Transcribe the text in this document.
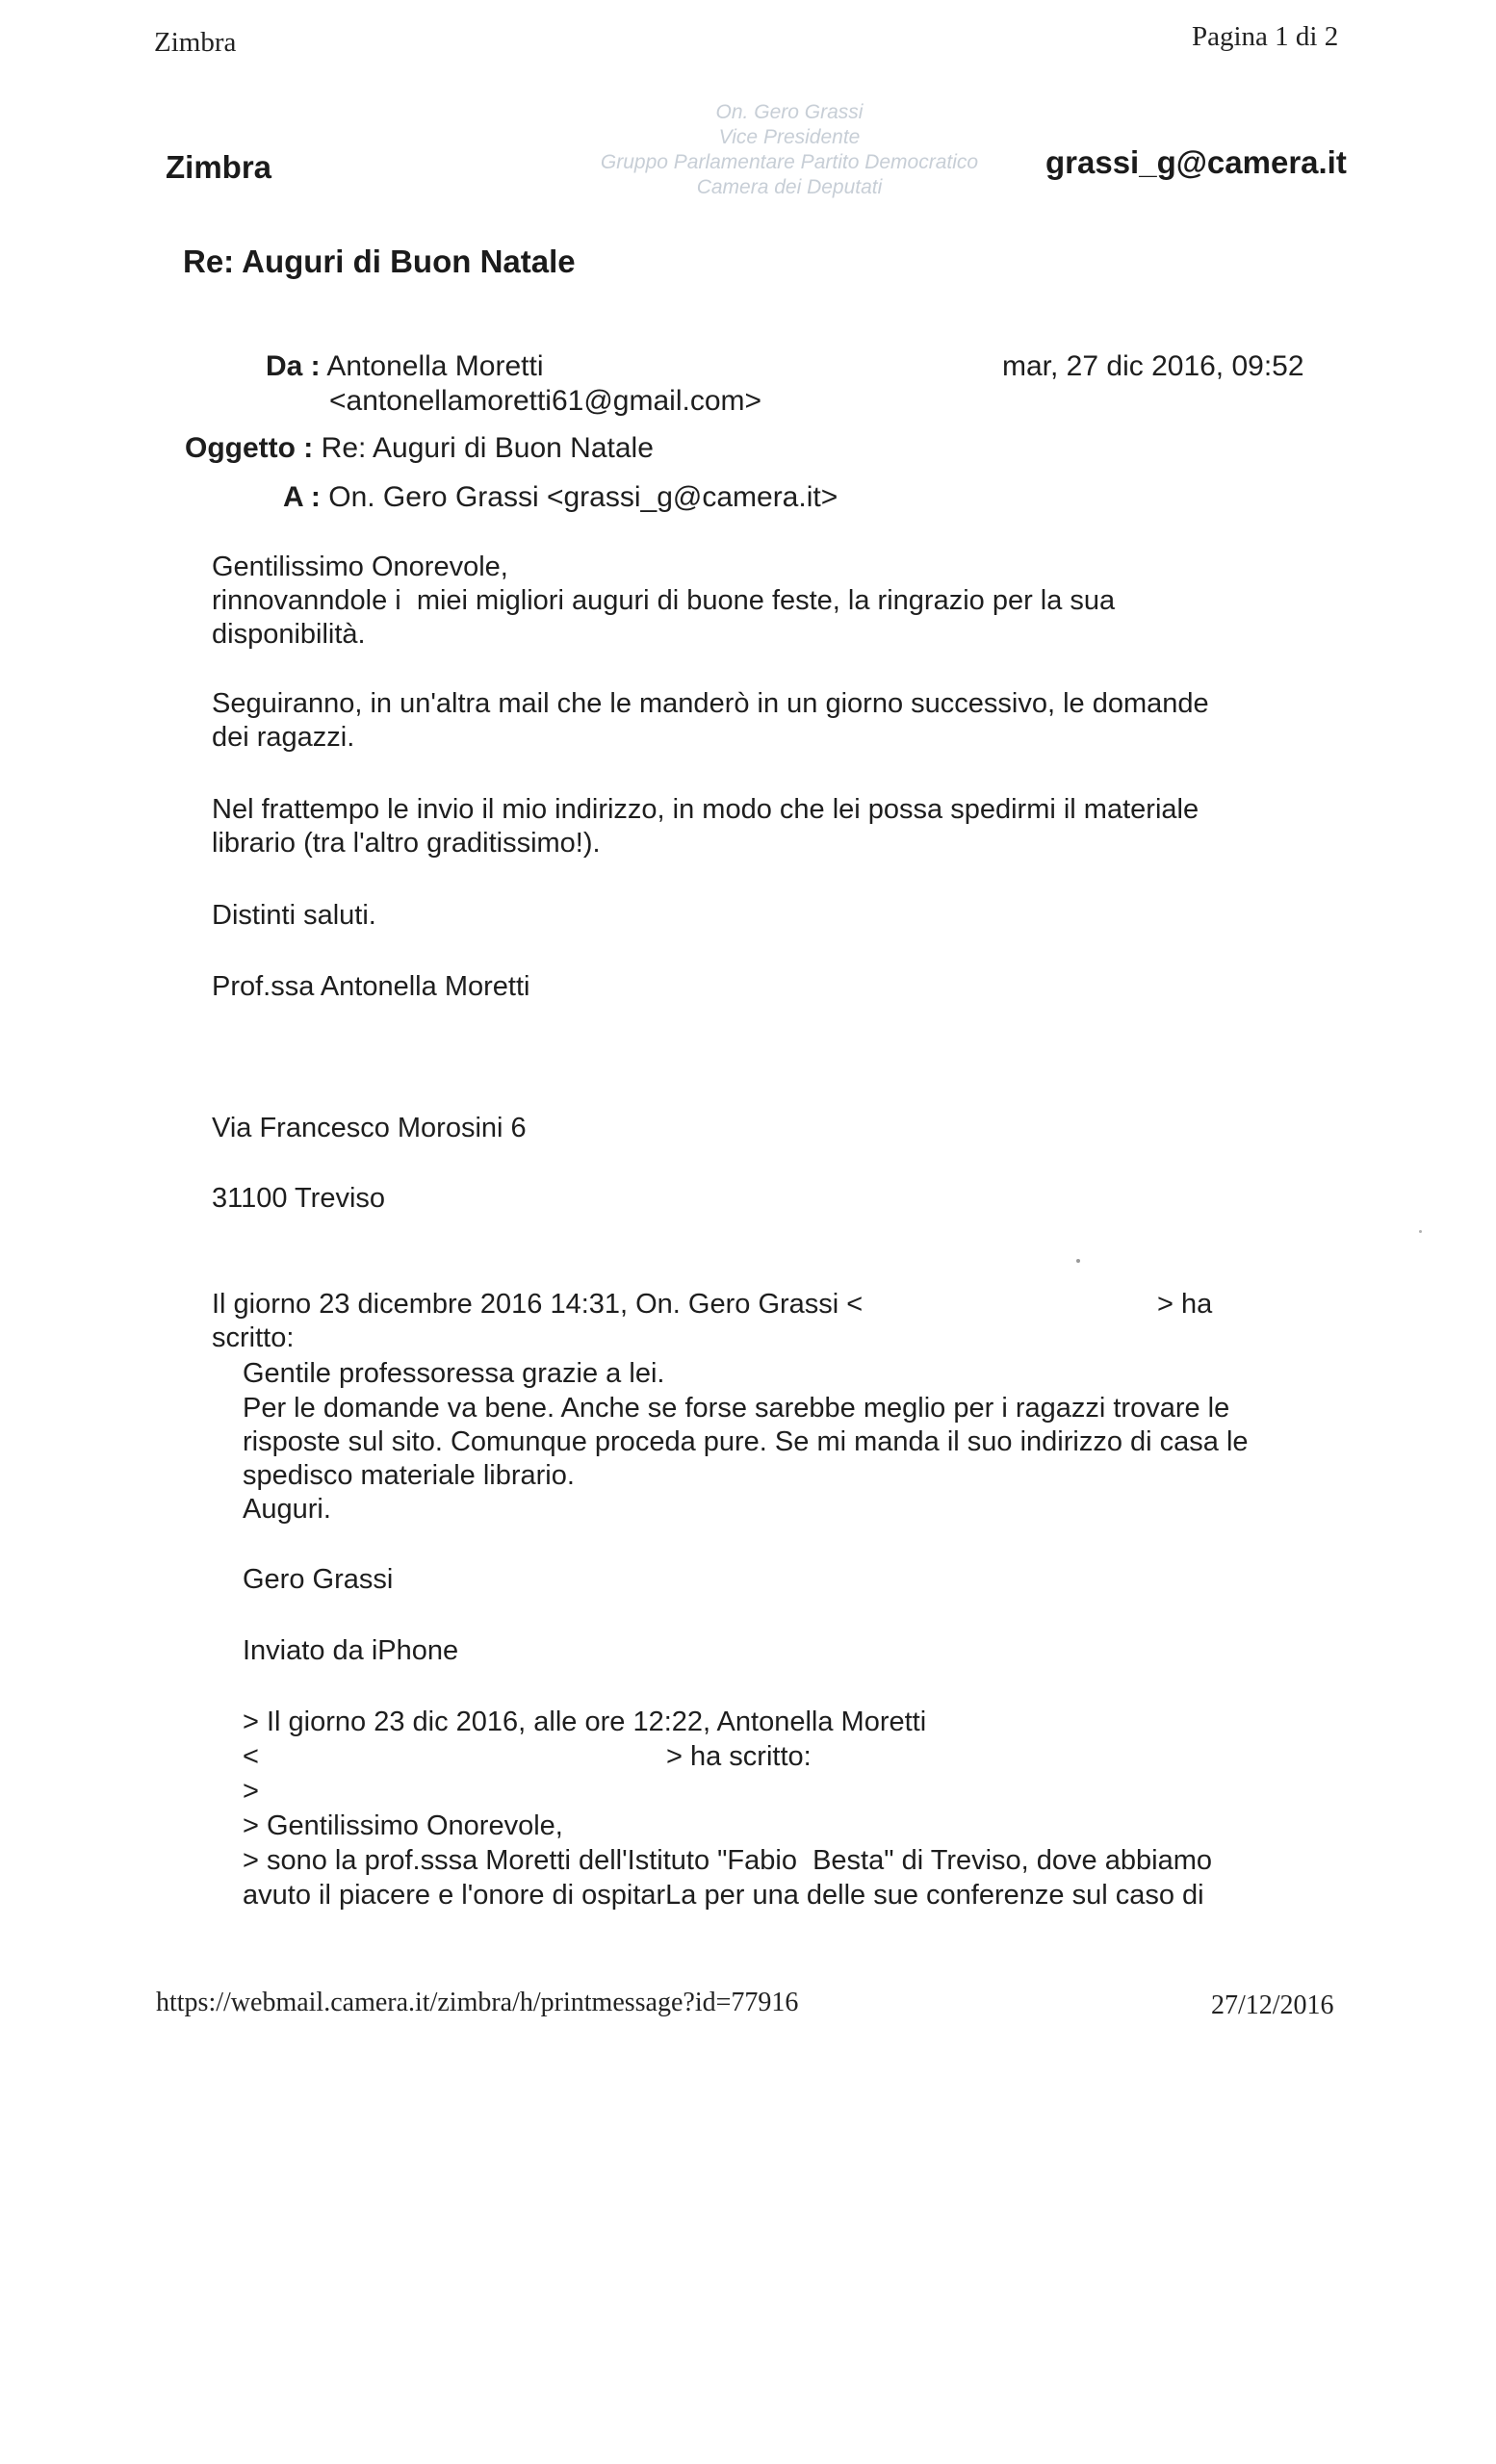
Zimbra	Pagina 1 di 2
Zimbra	grassi_g@camera.it
On. Gero Grassi
Vice Presidente
Gruppo Parlamentare Partito Democratico
Camera dei Deputati
Re: Auguri di Buon Natale
Da : Antonella Moretti
<antonellamoretti61@gmail.com>
mar, 27 dic 2016, 09:52
Oggetto : Re: Auguri di Buon Natale
A : On. Gero Grassi <grassi_g@camera.it>

Gentilissimo Onorevole,

rinnovanndole i  miei migliori auguri di buone feste, la ringrazio per la sua

disponibilità.

Seguiranno, in un'altra mail che le manderò in un giorno successivo, le domande

dei ragazzi.

Nel frattempo le invio il mio indirizzo, in modo che lei possa spedirmi il materiale

librario (tra l'altro graditissimo!).

Distinti saluti.

Prof.ssa Antonella Moretti

Via Francesco Morosini 6

31100 Treviso

Il giorno 23 dicembre 2016 14:31, On. Gero Grassi <	> ha

scritto:

Gentile professoressa grazie a lei.

Per le domande va bene. Anche se forse sarebbe meglio per i ragazzi trovare le

risposte sul sito. Comunque proceda pure. Se mi manda il suo indirizzo di casa le

spedisco materiale librario.

Auguri.

Gero Grassi

Inviato da iPhone

> Il giorno 23 dic 2016, alle ore 12:22, Antonella Moretti

<	> ha scritto:

>

> Gentilissimo Onorevole,

> sono la prof.sssa Moretti dell'Istituto "Fabio  Besta" di Treviso, dove abbiamo

avuto il piacere e l'onore di ospitarLa per una delle sue conferenze sul caso di

https://webmail.camera.it/zimbra/h/printmessage?id=77916	27/12/2016
